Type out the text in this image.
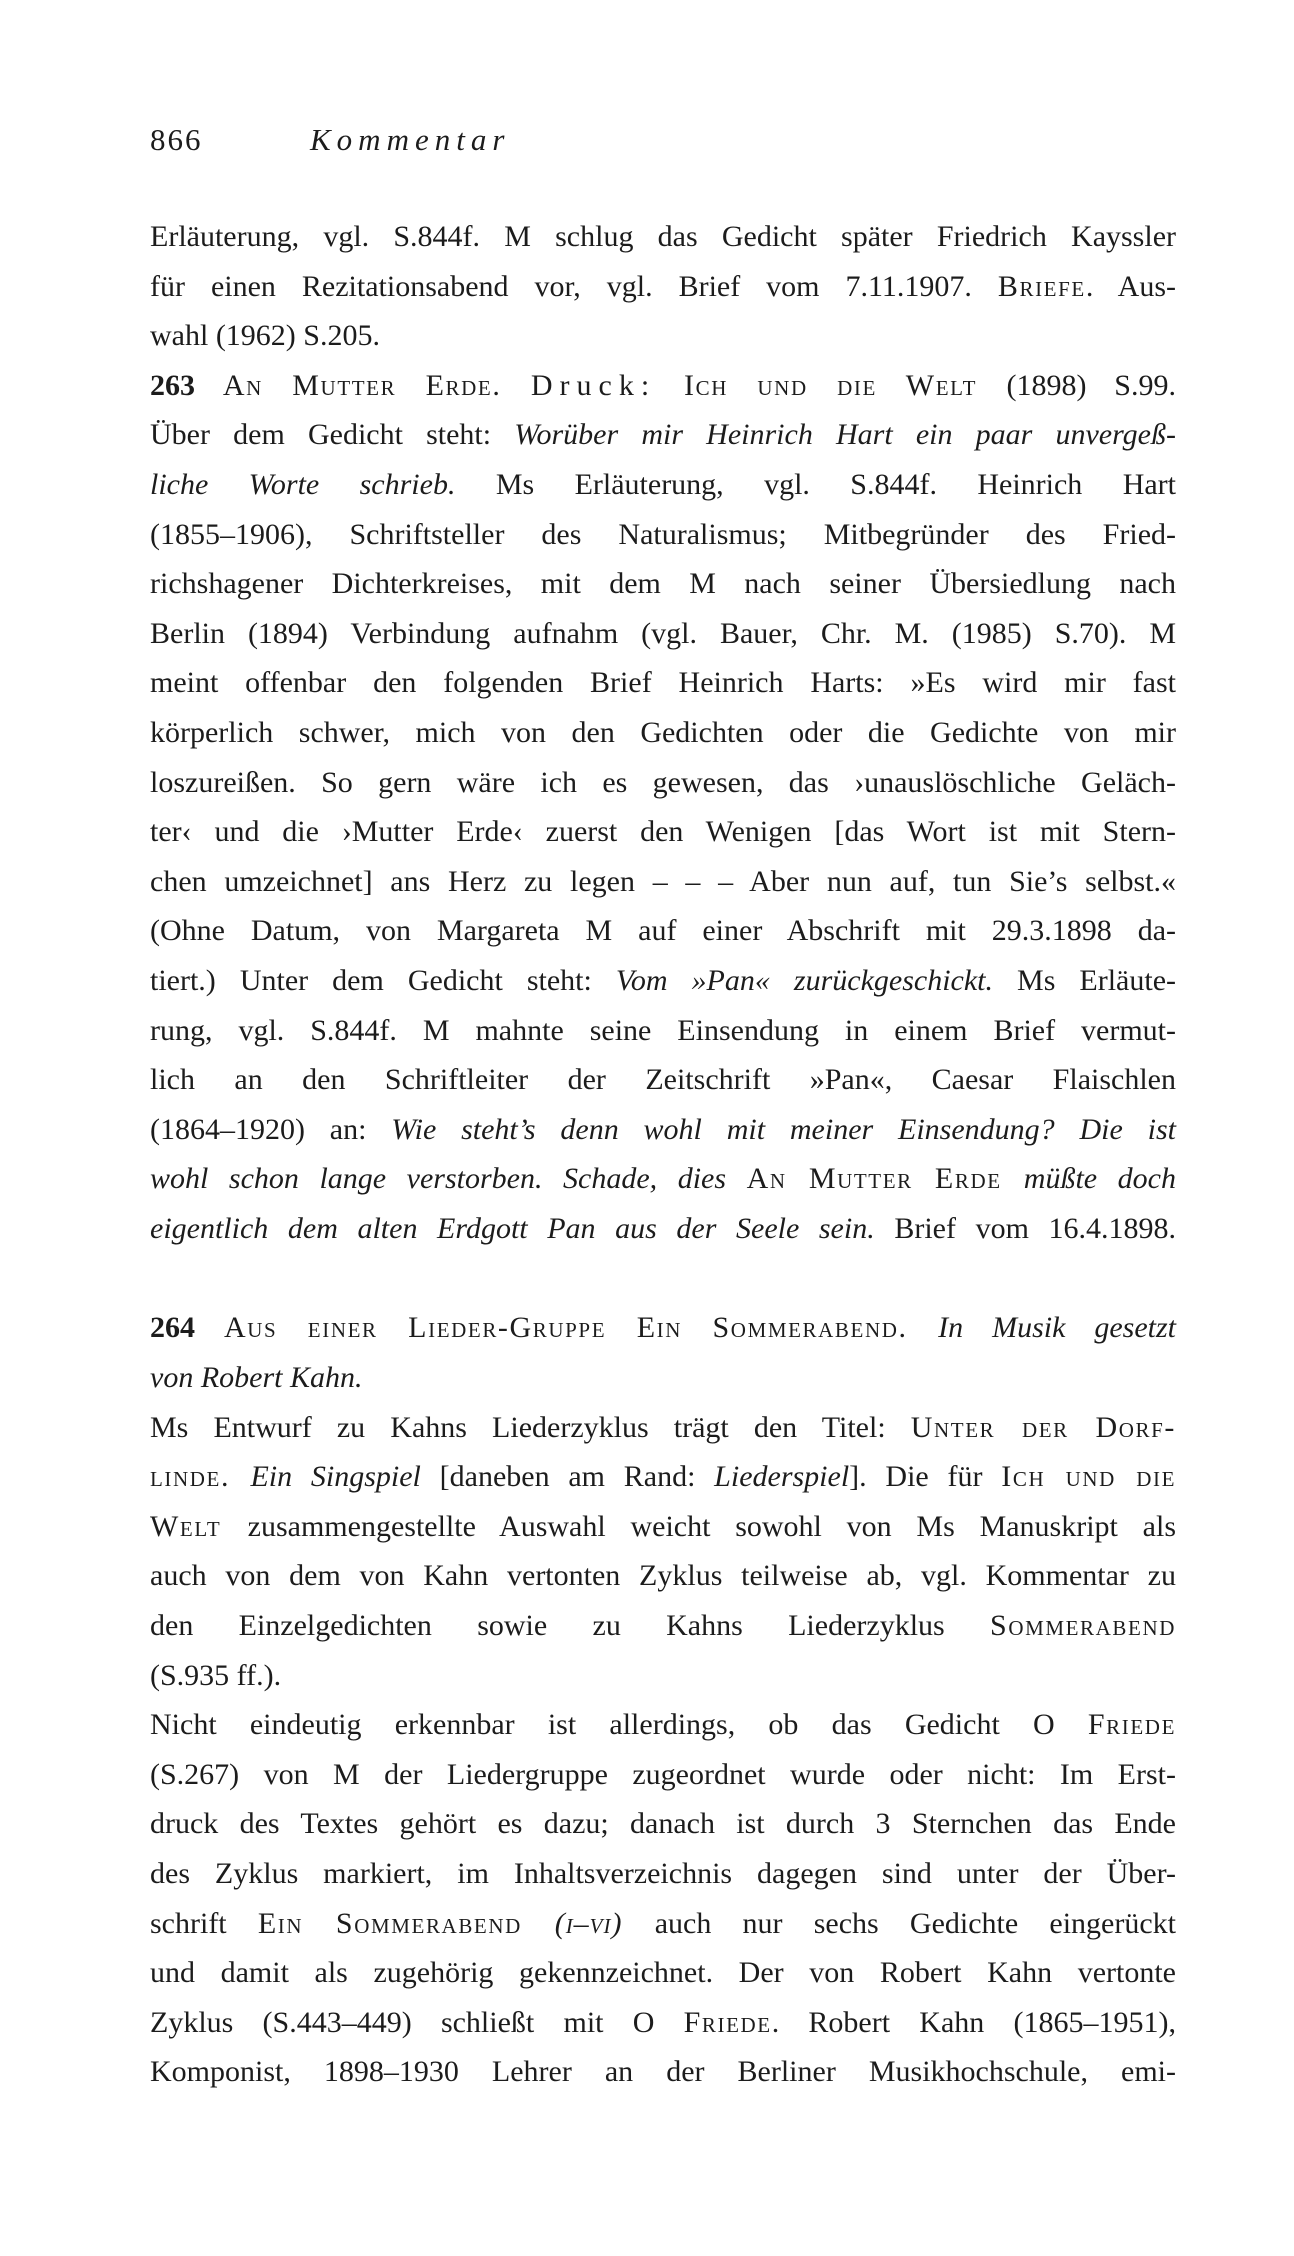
866	Kommentar
Erläuterung, vgl. S.844f. M schlug das Gedicht später Friedrich Kayssler
für einen Rezitationsabend vor, vgl. Brief vom 7.11.1907. Briefe. Aus-
wahl (1962) S.205.
263 An Mutter Erde. Druck: Ich und die Welt (1898) S.99.
Über dem Gedicht steht: Worüber mir Heinrich Hart ein paar unvergeß-
liche Worte schrieb. Ms Erläuterung, vgl. S.844f. Heinrich Hart
(1855–1906), Schriftsteller des Naturalismus; Mitbegründer des Fried-
richshagener Dichterkreises, mit dem M nach seiner Übersiedlung nach
Berlin (1894) Verbindung aufnahm (vgl. Bauer, Chr. M. (1985) S.70). M
meint offenbar den folgenden Brief Heinrich Harts: »Es wird mir fast
körperlich schwer, mich von den Gedichten oder die Gedichte von mir
loszureißen. So gern wäre ich es gewesen, das ›unauslöschliche Geläch-
ter‹ und die ›Mutter Erde‹ zuerst den Wenigen [das Wort ist mit Stern-
chen umzeichnet] ans Herz zu legen – – – Aber nun auf, tun Sie’s selbst.«
(Ohne Datum, von Margareta M auf einer Abschrift mit 29.3.1898 da-
tiert.) Unter dem Gedicht steht: Vom »Pan« zurückgeschickt. Ms Erläute-
rung, vgl. S.844f. M mahnte seine Einsendung in einem Brief vermut-
lich an den Schriftleiter der Zeitschrift »Pan«, Caesar Flaischlen
(1864–1920) an: Wie steht’s denn wohl mit meiner Einsendung? Die ist
wohl schon lange verstorben. Schade, dies An Mutter Erde müßte doch
eigentlich dem alten Erdgott Pan aus der Seele sein. Brief vom 16.4.1898.
264 Aus einer Lieder-Gruppe Ein Sommerabend. In Musik gesetzt
von Robert Kahn.
Ms Entwurf zu Kahns Liederzyklus trägt den Titel: Unter der Dorf-
linde. Ein Singspiel [daneben am Rand: Liederspiel]. Die für Ich und die
Welt zusammengestellte Auswahl weicht sowohl von Ms Manuskript als
auch von dem von Kahn vertonten Zyklus teilweise ab, vgl. Kommentar zu
den Einzelgedichten sowie zu Kahns Liederzyklus Sommerabend
(S.935 ff.).
Nicht eindeutig erkennbar ist allerdings, ob das Gedicht O Friede
(S.267) von M der Liedergruppe zugeordnet wurde oder nicht: Im Erst-
druck des Textes gehört es dazu; danach ist durch 3 Sternchen das Ende
des Zyklus markiert, im Inhaltsverzeichnis dagegen sind unter der Über-
schrift Ein Sommerabend (i–vi) auch nur sechs Gedichte eingerückt
und damit als zugehörig gekennzeichnet. Der von Robert Kahn vertonte
Zyklus (S.443–449) schließt mit O Friede. Robert Kahn (1865–1951),
Komponist, 1898–1930 Lehrer an der Berliner Musikhochschule, emi-
